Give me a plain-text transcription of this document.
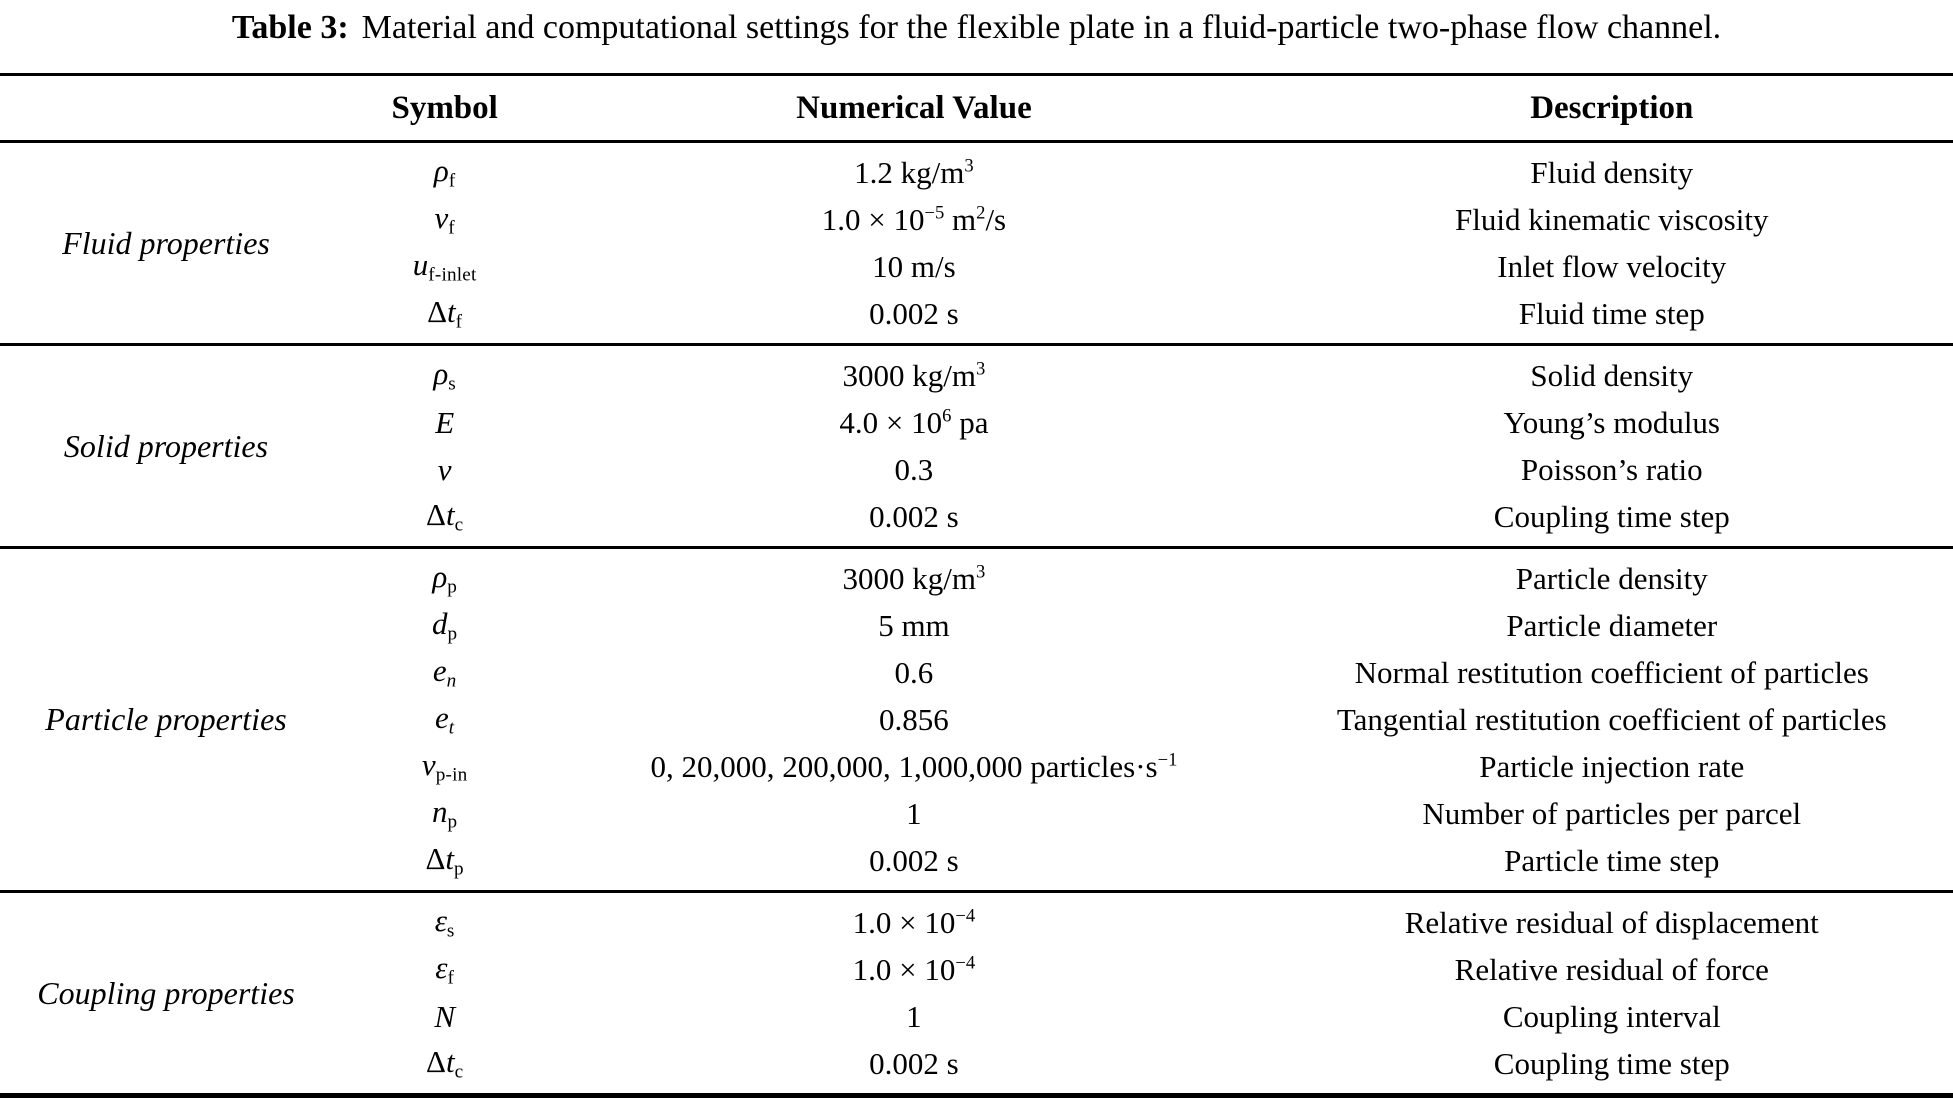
Table 3: Material and computational settings for the flexible plate in a fluid-particle two-phase flow channel.
Symbol	Numerical Value	Description
Fluid properties
ρf	1.2 $kg/m^3$	Fluid density
νf	$1.0 \times 10^{-5}$ $m^2/s$	Fluid kinematic viscosity
uf-inlet	10 m/s	Inlet flow velocity
Δtf	0.002 s	Fluid time step
Solid properties
ρs	3000 $kg/m^3$	Solid density
E	$4.0 \times 10^6$ pa	Young’s modulus
ν	0.3	Poisson’s ratio
Δtc	0.002 s	Coupling time step
Particle properties
ρp	3000 $kg/m^3$	Particle density
dp	5 mm	Particle diameter
en	0.6	Normal restitution coefficient of particles
et	0.856	Tangential restitution coefficient of particles
νp-in	0, 20,000, 200,000, 1,000,000 $particles\cdot s^{-1}$	Particle injection rate
np	1	Number of particles per parcel
Δtp	0.002 s	Particle time step
Coupling properties
εs	$1.0 \times 10^{-4}$	Relative residual of displacement
εf	$1.0 \times 10^{-4}$	Relative residual of force
N	1	Coupling interval
Δtc	0.002 s	Coupling time step
